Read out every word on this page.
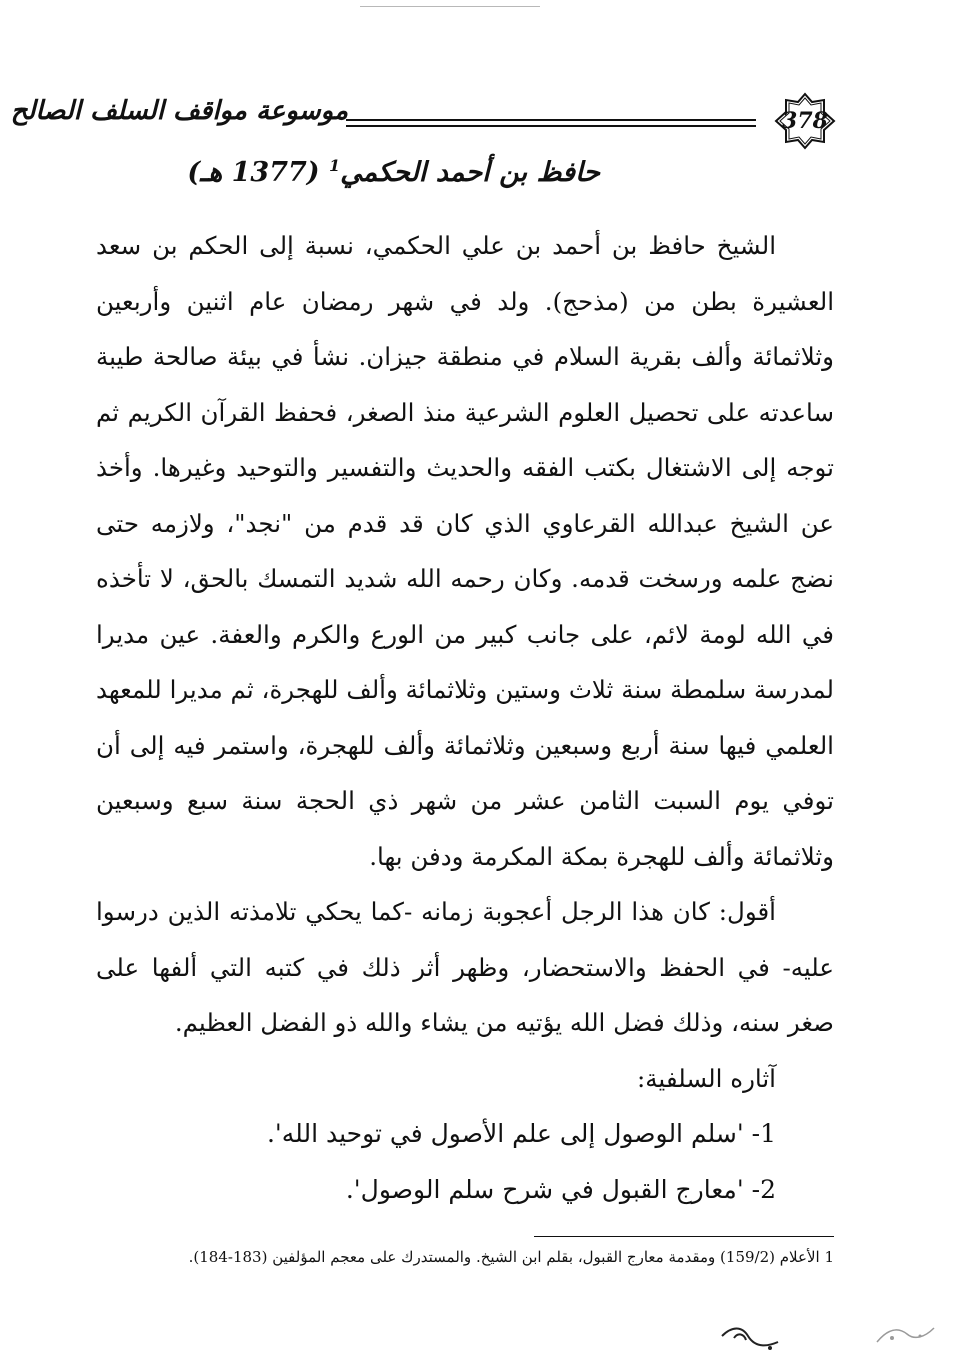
موسوعة مواقف السلف الصالح	378
حافظ بن أحمد الحكمي$^1$ (1377 هـ)

الشيخ حافظ بن أحمد بن علي الحكمي، نسبة إلى الحكم بن سعد العشيرة بطن من (مذحج). ولد في شهر رمضان عام اثنين وأربعين وثلاثمائة وألف بقرية السلام في منطقة جيزان. نشأ في بيئة صالحة طيبة ساعدته على تحصيل العلوم الشرعية منذ الصغر، فحفظ القرآن الكريم ثم توجه إلى الاشتغال بكتب الفقه والحديث والتفسير والتوحيد وغيرها. وأخذ عن الشيخ عبدالله القرعاوي الذي كان قد قدم من "نجد"، ولازمه حتى نضج علمه ورسخت قدمه. وكان رحمه الله شديد التمسك بالحق، لا تأخذه في الله لومة لائم، على جانب كبير من الورع والكرم والعفة. عين مديرا لمدرسة سلمطة سنة ثلاث وستين وثلاثمائة وألف للهجرة، ثم مديرا للمعهد العلمي فيها سنة أربع وسبعين وثلاثمائة وألف للهجرة، واستمر فيه إلى أن توفي يوم السبت الثامن عشر من شهر ذي الحجة سنة سبع وسبعين وثلاثمائة وألف للهجرة بمكة المكرمة ودفن بها.

أقول: كان هذا الرجل أعجوبة زمانه -كما يحكي تلامذته الذين درسوا عليه- في الحفظ والاستحضار، وظهر أثر ذلك في كتبه التي ألفها على صغر سنه، وذلك فضل الله يؤتيه من يشاء والله ذو الفضل العظيم.

آثاره السلفية:

1- 'سلم الوصول إلى علم الأصول في توحيد الله'.
2- 'معارج القبول في شرح سلم الوصول'.
1 الأعلام (159/2) ومقدمة معارج القبول، بقلم ابن الشيخ. والمستدرك على معجم المؤلفين (183-184).
